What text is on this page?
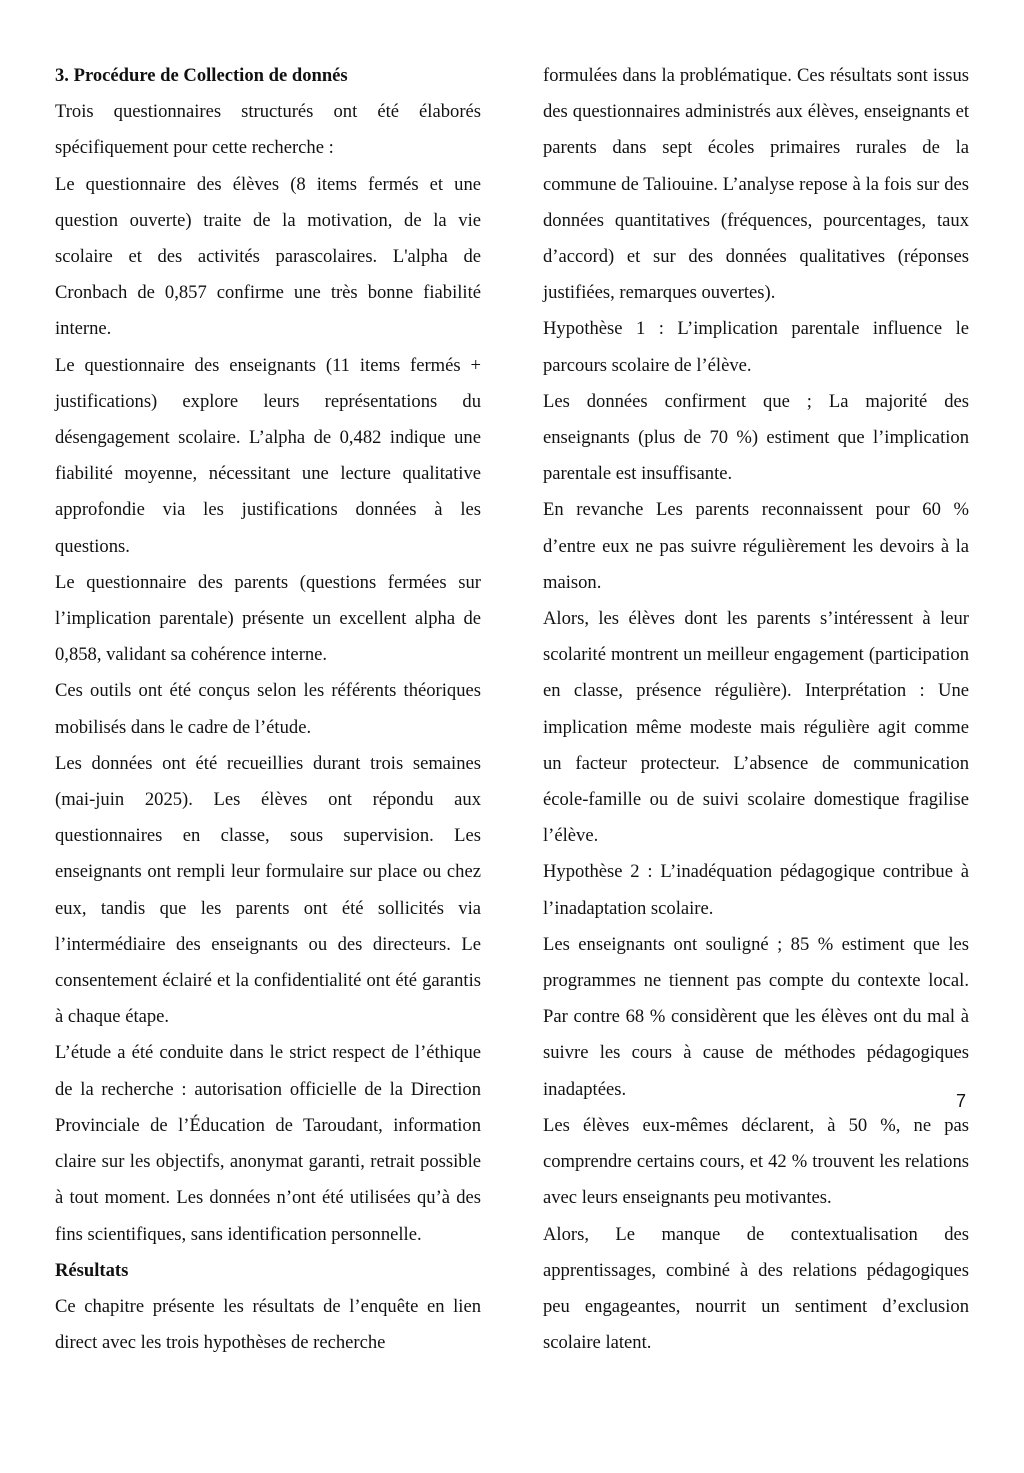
3. Procédure de Collection de donnés

Trois questionnaires structurés ont été élaborés spécifiquement pour cette recherche :

Le questionnaire des élèves (8 items fermés et une question ouverte) traite de la motivation, de la vie scolaire et des activités parascolaires. L'alpha de Cronbach de 0,857 confirme une très bonne fiabilité interne.

Le questionnaire des enseignants (11 items fermés + justifications) explore leurs représentations du désengagement scolaire. L’alpha de 0,482 indique une fiabilité moyenne, nécessitant une lecture qualitative approfondie via les justifications données à les questions.

Le questionnaire des parents (questions fermées sur l’implication parentale) présente un excellent alpha de 0,858, validant sa cohérence interne.

Ces outils ont été conçus selon les référents théoriques mobilisés dans le cadre de l’étude.

Les données ont été recueillies durant trois semaines (mai-juin 2025). Les élèves ont répondu aux questionnaires en classe, sous supervision. Les enseignants ont rempli leur formulaire sur place ou chez eux, tandis que les parents ont été sollicités via l’intermédiaire des enseignants ou des directeurs. Le consentement éclairé et la confidentialité ont été garantis à chaque étape.

L’étude a été conduite dans le strict respect de l’éthique de la recherche : autorisation officielle de la Direction Provinciale de l’Éducation de Taroudant, information claire sur les objectifs, anonymat garanti, retrait possible à tout moment. Les données n’ont été utilisées qu’à des fins scientifiques, sans identification personnelle.

Résultats

Ce chapitre présente les résultats de l’enquête en lien direct avec les trois hypothèses de recherche

formulées dans la problématique. Ces résultats sont issus des questionnaires administrés aux élèves, enseignants et parents dans sept écoles primaires rurales de la commune de Taliouine. L’analyse repose à la fois sur des données quantitatives (fréquences, pourcentages, taux d’accord) et sur des données qualitatives (réponses justifiées, remarques ouvertes).

Hypothèse 1 : L’implication parentale influence le parcours scolaire de l’élève.

Les données confirment que ; La majorité des enseignants (plus de 70 %) estiment que l’implication parentale est insuffisante.

En revanche Les parents reconnaissent pour 60 % d’entre eux ne pas suivre régulièrement les devoirs à la maison.

Alors, les élèves dont les parents s’intéressent à leur scolarité montrent un meilleur engagement (participation en classe, présence régulière). Interprétation : Une implication même modeste mais régulière agit comme un facteur protecteur. L’absence de communication école-famille ou de suivi scolaire domestique fragilise l’élève.

Hypothèse 2 : L’inadéquation pédagogique contribue à l’inadaptation scolaire.

Les enseignants ont souligné ; 85 % estiment que les programmes ne tiennent pas compte du contexte local. Par contre 68 % considèrent que les élèves ont du mal à suivre les cours à cause de méthodes pédagogiques inadaptées.

Les élèves eux-mêmes déclarent, à 50 %, ne pas comprendre certains cours, et 42 % trouvent les relations avec leurs enseignants peu motivantes.

Alors, Le manque de contextualisation des apprentissages, combiné à des relations pédagogiques peu engageantes, nourrit un sentiment d’exclusion scolaire latent.

7
